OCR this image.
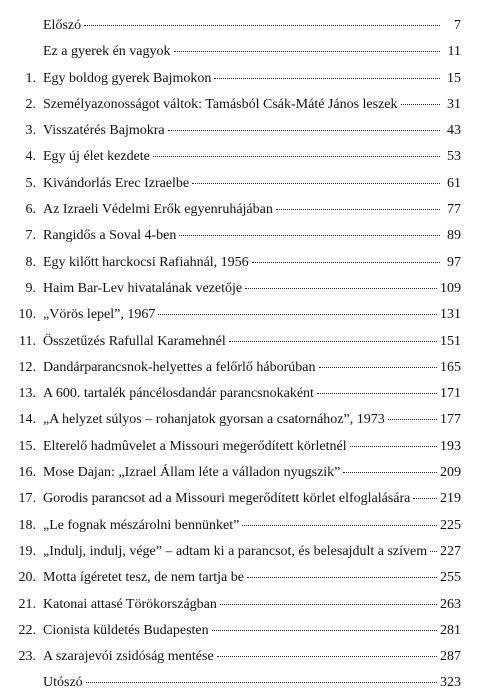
Előszó	7
Ez a gyerek én vagyok	11
1. Egy boldog gyerek Bajmokon	15
2. Személyazonosságot váltok: Tamásból Csák-Máté János leszek	31
3. Visszatérés Bajmokra	43
4. Egy új élet kezdete	53
5. Kivándorlás Erec Izraelbe	61
6. Az Izraeli Védelmi Erők egyenruhájában	77
7. Rangidős a Soval 4-ben	89
8. Egy kilőtt harckocsi Rafiahnál, 1956	97
9. Haim Bar-Lev hivatalának vezetője	109
10. „Vörös lepel”, 1967	131
11. Összetűzés Rafullal Karamehnél	151
12. Dandárparancsnok-helyettes a felőrlő háborúban	165
13. A 600. tartalék páncélosdandár parancsnokaként	171
14. „A helyzet súlyos – rohanjatok gyorsan a csatornához”, 1973	177
15. Elterelő hadmûvelet a Missouri megerődített körletnél	193
16. Mose Dajan: „Izrael Állam léte a válladon nyugszik”	209
17. Gorodis parancsot ad a Missouri megerődített körlet elfoglalására 219
18. „Le fognak mészárolni bennünket”	225
19. „Indulj, indulj, vége” – adtam ki a parancsot, és belesajdult a szívem 227
20. Motta ígéretet tesz, de nem tartja be	255
21. Katonai attasé Törökországban	263
22. Cionista küldetés Budapesten	281
23. A szarajevói zsidóság mentése	287
Utószó	323
